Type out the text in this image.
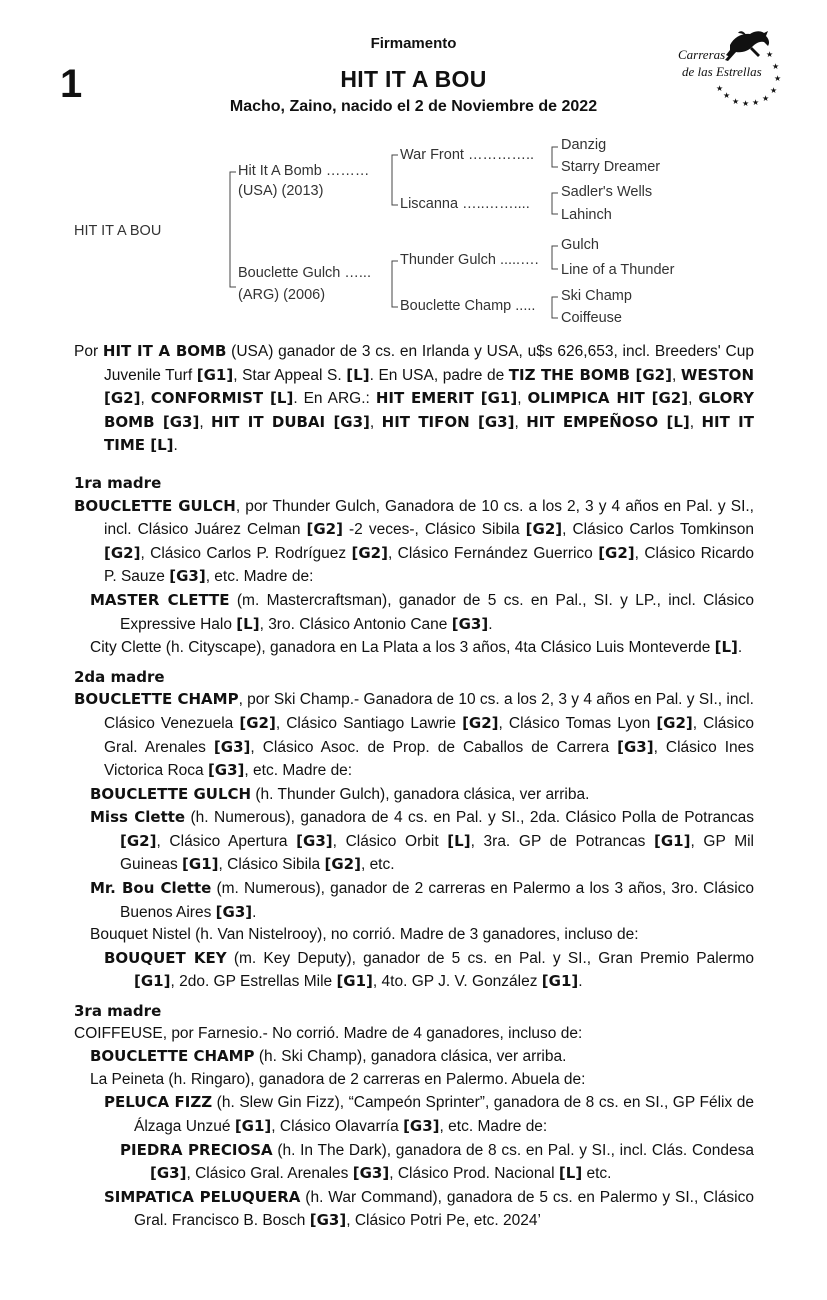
1
Firmamento
HIT IT A BOU
Macho, Zaino, nacido el 2 de Noviembre de 2022
★
★
★
★
★
★
★
★
★
★
Carreras
de las Estrellas
HIT IT A BOU
Hit It A Bomb ………
(USA) (2013)
Bouclette Gulch …...
(ARG) (2006)
War Front …………..
Liscanna …..……....
Thunder Gulch .....….
Bouclette Champ .....
Danzig
Starry Dreamer
Sadler's Wells
Lahinch
Gulch
Line of a Thunder
Ski Champ
Coiffeuse

Por HIT IT A BOMB (USA) ganador de 3 cs. en Irlanda y USA, u$s 626,653, incl. Breeders' Cup Juvenile Turf [G1], Star Appeal S. [L]. En USA, padre de TIZ THE BOMB [G2], WESTON [G2], CONFORMIST [L]. En ARG.: HIT EMERIT [G1], OLIMPICA HIT [G2], GLORY BOMB [G3], HIT IT DUBAI [G3], HIT TIFON [G3], HIT EMPEÑOSO [L], HIT IT TIME [L].

1ra madre

BOUCLETTE GULCH, por Thunder Gulch, Ganadora de 10 cs. a los 2, 3 y 4 años en Pal. y SI., incl. Clásico Juárez Celman [G2] -2 veces-, Clásico Sibila [G2], Clásico Carlos Tomkinson [G2], Clásico Carlos P. Rodríguez [G2], Clásico Fernández Guerrico [G2], Clásico Ricardo P. Sauze [G3], etc. Madre de:

MASTER CLETTE (m. Mastercraftsman), ganador de 5 cs. en Pal., SI. y LP., incl. Clásico Expressive Halo [L], 3ro. Clásico Antonio Cane [G3].

City Clette (h. Cityscape), ganadora en La Plata a los 3 años, 4ta Clásico Luis Monteverde [L].

2da madre

BOUCLETTE CHAMP, por Ski Champ.- Ganadora de 10 cs. a los 2, 3 y 4 años en Pal. y SI., incl. Clásico Venezuela [G2], Clásico Santiago Lawrie [G2], Clásico Tomas Lyon [G2], Clásico Gral. Arenales [G3], Clásico Asoc. de Prop. de Caballos de Carrera [G3], Clásico Ines Victorica Roca [G3], etc. Madre de:

BOUCLETTE GULCH (h. Thunder Gulch), ganadora clásica, ver arriba.

Miss Clette (h. Numerous), ganadora de 4 cs. en Pal. y SI., 2da. Clásico Polla de Potrancas [G2], Clásico Apertura [G3], Clásico Orbit [L], 3ra. GP de Potrancas [G1], GP Mil Guineas [G1], Clásico Sibila [G2], etc.

Mr. Bou Clette (m. Numerous), ganador de 2 carreras en Palermo a los 3 años, 3ro. Clásico Buenos Aires [G3].

Bouquet Nistel (h. Van Nistelrooy), no corrió. Madre de 3 ganadores, incluso de:

BOUQUET KEY (m. Key Deputy), ganador de 5 cs. en Pal. y SI., Gran Premio Palermo [G1], 2do. GP Estrellas Mile [G1], 4to. GP J. V. González [G1].

3ra madre

COIFFEUSE, por Farnesio.- No corrió. Madre de 4 ganadores, incluso de:

BOUCLETTE CHAMP (h. Ski Champ), ganadora clásica, ver arriba.

La Peineta (h. Ringaro), ganadora de 2 carreras en Palermo. Abuela de:

PELUCA FIZZ (h. Slew Gin Fizz), “Campeón Sprinter”, ganadora de 8 cs. en SI., GP Félix de Álzaga Unzué [G1], Clásico Olavarría [G3], etc. Madre de:

PIEDRA PRECIOSA (h. In The Dark), ganadora de 8 cs. en Pal. y SI., incl. Clás. Condesa [G3], Clásico Gral. Arenales [G3], Clásico Prod. Nacional [L] etc.

SIMPATICA PELUQUERA (h. War Command), ganadora de 5 cs. en Palermo y SI., Clásico Gral. Francisco B. Bosch [G3], Clásico Potri Pe, etc. 2024’
